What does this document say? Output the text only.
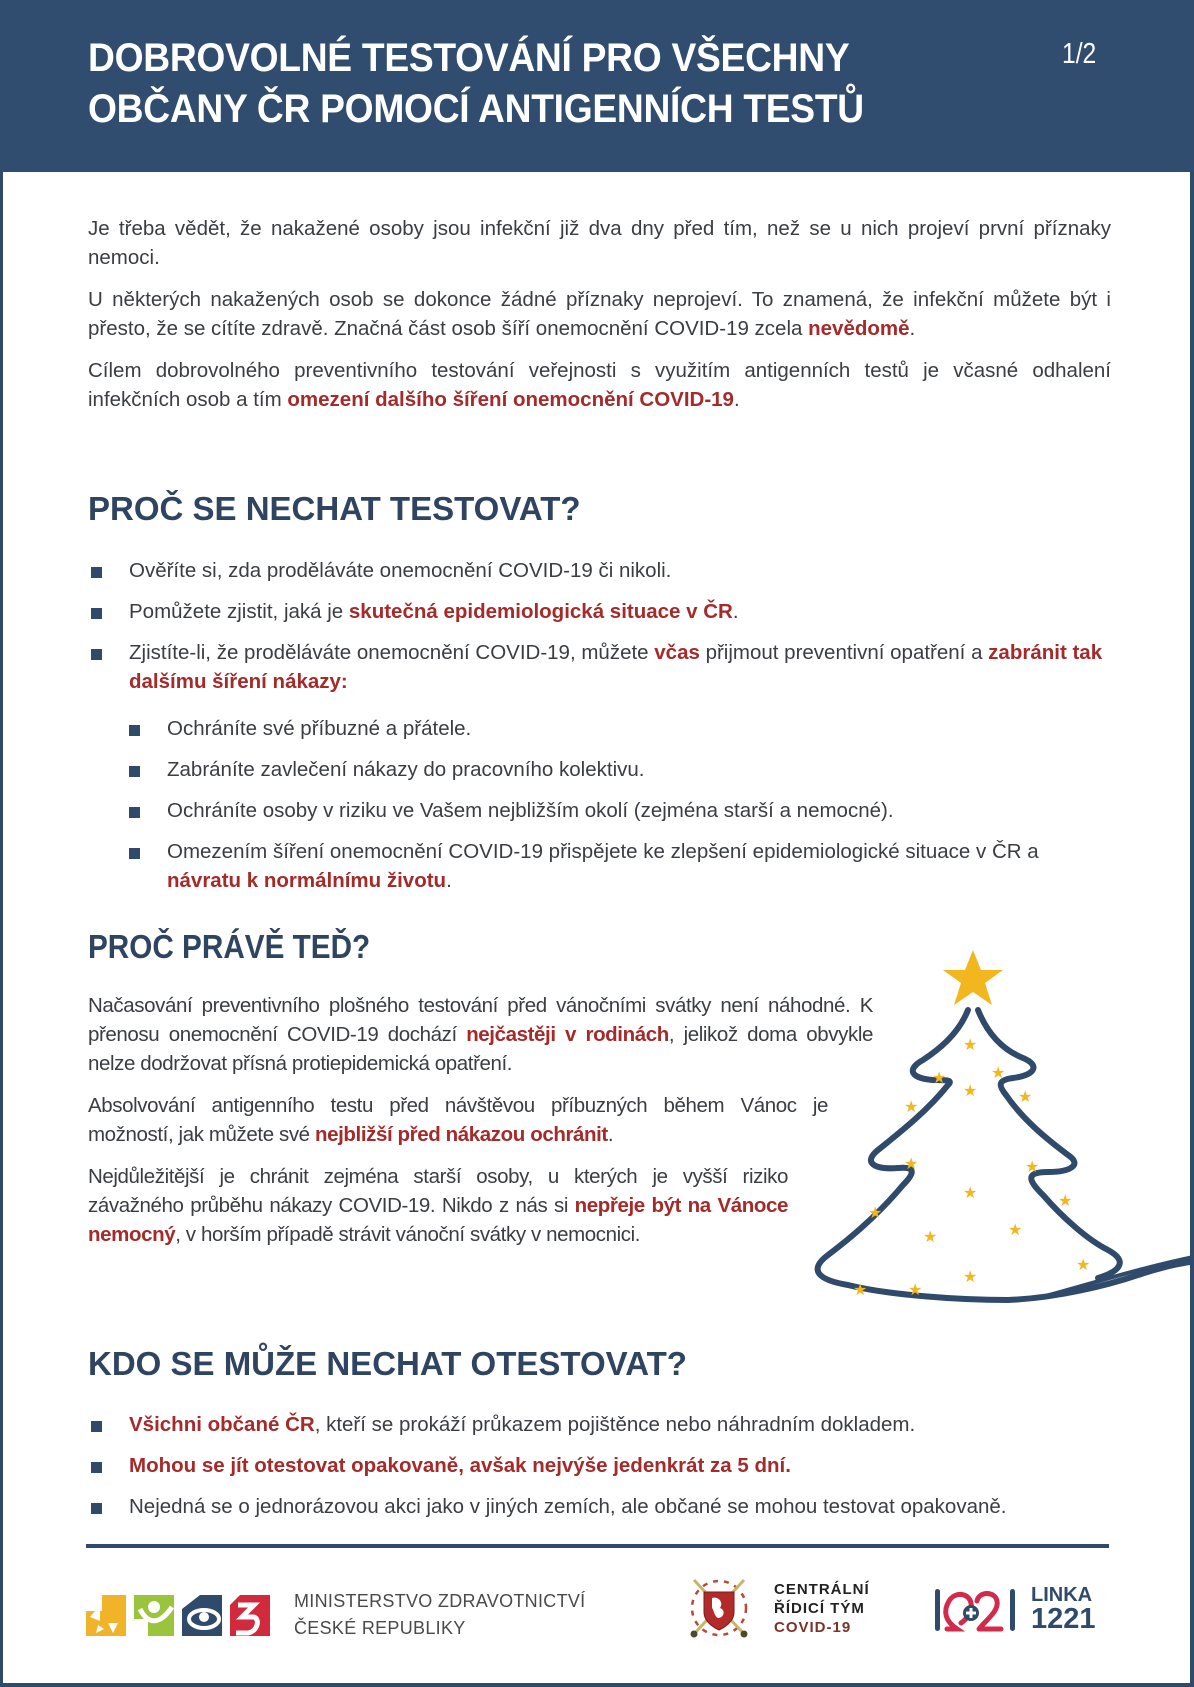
DOBROVOLNÉ TESTOVÁNÍ PRO VŠECHNY
OBČANY ČR POMOCÍ ANTIGENNÍCH TESTŮ
1/2

Je třeba vědět, že nakažené osoby jsou infekční již dva dny před tím, než se u nich projeví první příznaky nemoci.

U některých nakažených osob se dokonce žádné příznaky neprojeví. To znamená, že infekční můžete být i přesto, že se cítíte zdravě. Značná část osob šíří onemocnění COVID-19 zcela nevědomě.

Cílem dobrovolného preventivního testování veřejnosti s využitím antigenních testů je včasné odhalení infekčních osob a tím omezení dalšího šíření onemocnění COVID-19.

PROČ SE NECHAT TESTOVAT?
Ověříte si, zda proděláváte onemocnění COVID-19 či nikoli.
Pomůžete zjistit, jaká je skutečná epidemiologická situace v ČR.
Zjistíte-li, že proděláváte onemocnění COVID-19, můžete včas přijmout preventivní opatření a zabránit tak dalšímu šíření nákazy:
Ochráníte své příbuzné a přátele.
Zabráníte zavlečení nákazy do pracovního kolektivu.
Ochráníte osoby v riziku ve Vašem nejbližším okolí (zejména starší a nemocné).
Omezením šíření onemocnění COVID-19 přispějete ke zlepšení epidemiologické situace v ČR a návratu k normálnímu životu.
PROČ PRÁVĚ TEĎ?

Načasování preventivního plošného testování před vánočními svátky není náhodné. K přenosu onemocnění COVID-19 dochází nejčastěji v rodinách, jelikož doma obvykle nelze dodržovat přísná protiepidemická opatření.

Absolvování antigenního testu před návštěvou příbuzných během Vánoc je možností, jak můžete své nejbližší před nákazou ochránit.

Nejdůležitější je chránit zejména starší osoby, u kterých je vyšší riziko závažného průběhu nákazy COVID-19. Nikdo z nás si nepřeje být na Vánoce nemocný, v horším případě strávit vánoční svátky v nemocnici.

KDO SE MŮŽE NECHAT OTESTOVAT?
Všichni občané ČR, kteří se prokáží průkazem pojištěnce nebo náhradním dokladem.
Mohou se jít otestovat opakovaně, avšak nejvýše jedenkrát za 5 dní.
Nejedná se o jednorázovou akci jako v jiných zemích, ale občané se mohou testovat opakovaně.
★
★	★
★	★
★
★	★
★	★
★
★	★
★
★
★	★
MINISTERSTVO ZDRAVOTNICTVÍ
ČESKÉ REPUBLIKY
CENTRÁLNÍ
ŘÍDICÍ TÝM
COVID-19
LINKA
1221
